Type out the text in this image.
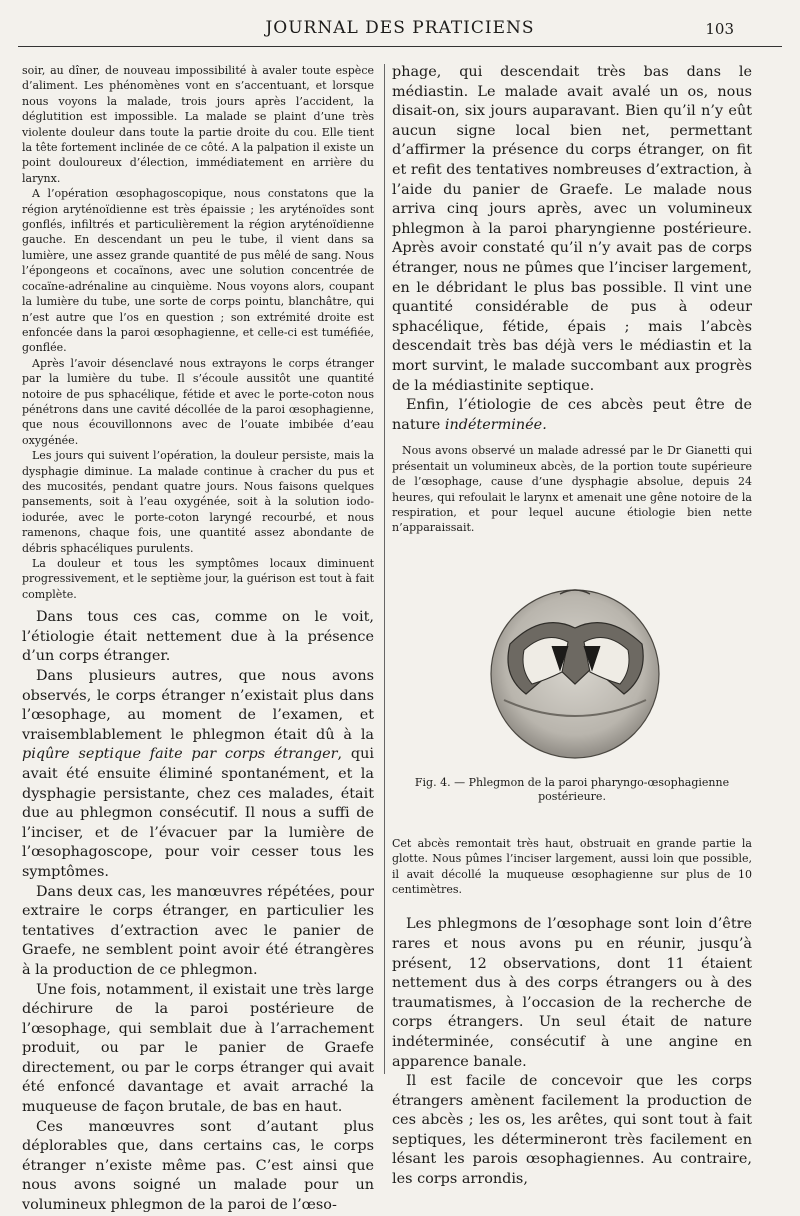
JOURNAL DES PRATICIENS	103

soir, au dîner, de nouveau impossibilité à avaler toute espèce d’aliment. Les phénomènes vont en s’accentuant, et lorsque nous voyons la malade, trois jours après l’accident, la déglutition est impossible. La malade se plaint d’une très violente douleur dans toute la partie droite du cou. Elle tient la tête fortement inclinée de ce côté. A la palpation il existe un point douloureux d’élection, immédiatement en arrière du larynx.

A l’opération œsophagoscopique, nous constatons que la région aryténoïdienne est très épaissie ; les aryténoïdes sont gonflés, infiltrés et particulièrement la région aryténoïdienne gauche. En descendant un peu le tube, il vient dans sa lumière, une assez grande quantité de pus mêlé de sang. Nous l’épongeons et cocaïnons, avec une solution concentrée de cocaïne-adrénaline au cinquième. Nous voyons alors, coupant la lumière du tube, une sorte de corps pointu, blanchâtre, qui n’est autre que l’os en question ; son extrémité droite est enfoncée dans la paroi œsophagienne, et celle-ci est tuméfiée, gonflée.

Après l’avoir désenclavé nous extrayons le corps étranger par la lumière du tube. Il s’écoule aussitôt une quantité notoire de pus sphacélique, fétide et avec le porte-coton nous pénétrons dans une cavité décollée de la paroi œsophagienne, que nous écouvillonnons avec de l’ouate imbibée d’eau oxygénée.

Les jours qui suivent l’opération, la douleur persiste, mais la dysphagie diminue. La malade continue à cracher du pus et des mucosités, pendant quatre jours. Nous faisons quelques pansements, soit à l’eau oxygénée, soit à la solution iodo-iodurée, avec le porte-coton laryngé recourbé, et nous ramenons, chaque fois, une quantité assez abondante de débris sphacéliques purulents.

La douleur et tous les symptômes locaux diminuent progressivement, et le septième jour, la guérison est tout à fait complète.

Dans tous ces cas, comme on le voit, l’étiologie était nettement due à la présence d’un corps étranger.

Dans plusieurs autres, que nous avons observés, le corps étranger n’existait plus dans l’œsophage, au moment de l’examen, et vraisemblablement le phlegmon était dû à la piqûre septique faite par corps étranger, qui avait été ensuite éliminé spontanément, et la dysphagie persistante, chez ces malades, était due au phlegmon consécutif. Il nous a suffi de l’inciser, et de l’évacuer par la lumière de l’œsophagoscope, pour voir cesser tous les symptômes.

Dans deux cas, les manœuvres répétées, pour extraire le corps étranger, en particulier les tentatives d’extraction avec le panier de Graefe, ne semblent point avoir été étrangères à la production de ce phlegmon.

Une fois, notamment, il existait une très large déchirure de la paroi postérieure de l’œsophage, qui semblait due à l’arrachement produit, ou par le panier de Graefe directement, ou par le corps étranger qui avait été enfoncé davantage et avait arraché la muqueuse de façon brutale, de bas en haut.

Ces manœuvres sont d’autant plus déplorables que, dans certains cas, le corps étranger n’existe même pas. C’est ainsi que nous avons soigné un malade pour un volumineux phlegmon de la paroi de l’œso-

phage, qui descendait très bas dans le médiastin. Le malade avait avalé un os, nous disait-on, six jours auparavant. Bien qu’il n’y eût aucun signe local bien net, permettant d’affirmer la présence du corps étranger, on fit et refit des tentatives nombreuses d’extraction, à l’aide du panier de Graefe. Le malade nous arriva cinq jours après, avec un volumineux phlegmon à la paroi pharyngienne postérieure. Après avoir constaté qu’il n’y avait pas de corps étranger, nous ne pûmes que l’inciser largement, en le débridant le plus bas possible. Il vint une quantité considérable de pus à odeur sphacélique, fétide, épais ; mais l’abcès descendait très bas déjà vers le médiastin et la mort survint, le malade succombant aux progrès de la médiastinite septique.

Enfin, l’étiologie de ces abcès peut être de nature indéterminée.

Nous avons observé un malade adressé par le Dr Gianetti qui présentait un volumineux abcès, de la portion toute supérieure de l’œsophage, cause d’une dysphagie absolue, depuis 24 heures, qui refoulait le larynx et amenait une gêne notoire de la respiration, et pour lequel aucune étiologie bien nette n’apparaissait.

Fig. 4. — Phlegmon de la paroi pharyngo-œsophagienne postérieure.

Cet abcès remontait très haut, obstruait en grande partie la glotte. Nous pûmes l’inciser largement, aussi loin que possible, il avait décollé la muqueuse œsophagienne sur plus de 10 centimètres.

Les phlegmons de l’œsophage sont loin d’être rares et nous avons pu en réunir, jusqu’à présent, 12 observations, dont 11 étaient nettement dus à des corps étrangers ou à des traumatismes, à l’occasion de la recherche de corps étrangers. Un seul était de nature indéterminée, consécutif à une angine en apparence banale.

Il est facile de concevoir que les corps étrangers amènent facilement la production de ces abcès ; les os, les arêtes, qui sont tout à fait septiques, les détermineront très facilement en lésant les parois œsophagiennes. Au contraire, les corps arrondis,
